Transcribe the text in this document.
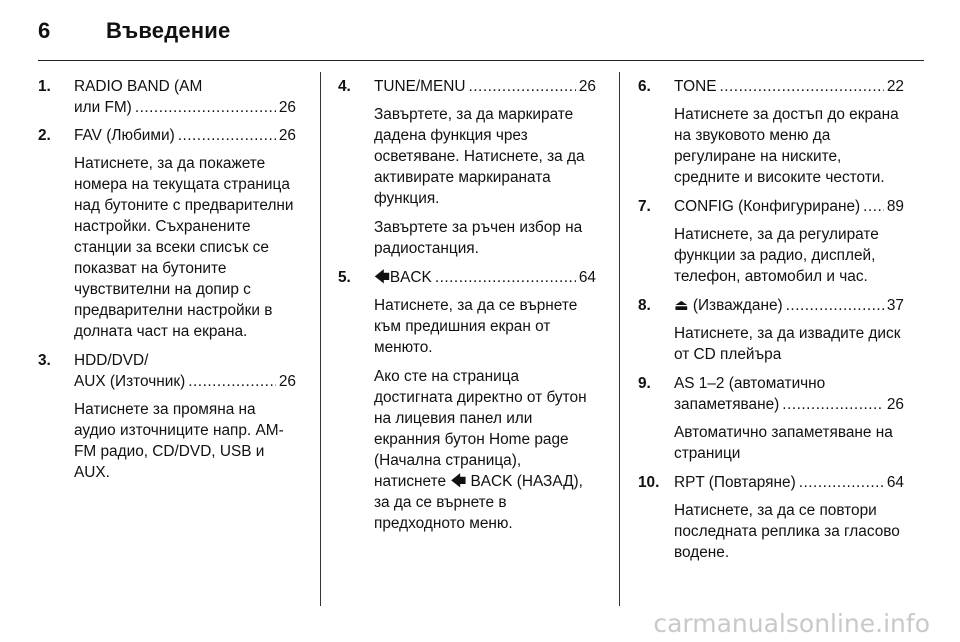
6	Въведение
1. RADIO BAND (AM
или FM) .....	26
2. FAV (Любими) .....	26
Натиснете, за да покажете номера на текущата страница над бутоните с предварителни настройки. Съхранените станции за всеки списък се показват на бутоните чувствителни на допир с предварителни настройки в долната част на екрана.
3. HDD/DVD/
AUX (Източник) .....	26
Натиснете за промяна на аудио източниците напр. AM-FM радио, CD/DVD, USB и AUX.
4. TUNE/MENU .....	26
Завъртете, за да маркирате дадена функция чрез осветяване. Натиснете, за да активирате маркираната функция.
Завъртете за ръчен избор на радиостанция.
5. 🡄BACK .....	64
Натиснете, за да се върнете към предишния екран от менюто.
Ако сте на страница достигната директно от бутон на лицевия панел или екранния бутон Home page (Начална страница), натиснете 🡄 BACK (НАЗАД), за да се върнете в предходното меню.
6. TONE .....	22
Натиснете за достъп до екрана на звуковото меню да регулиране на ниските, средните и високите честоти.
7. CONFIG (Конфигуриране) ..... 89
Натиснете, за да регулирате функции за радио, дисплей, телефон, автомобил и час.
8. ⏏ (Изваждане) .....	37
Натиснете, за да извадите диск от CD плейъра
9. AS 1–2 (автоматично
запаметяване) .....	26
Автоматично запаметяване на страници
10. RPT (Повтаряне) .....	64
Натиснете, за да се повтори последната реплика за гласово водене.
carmanualsonline.info
